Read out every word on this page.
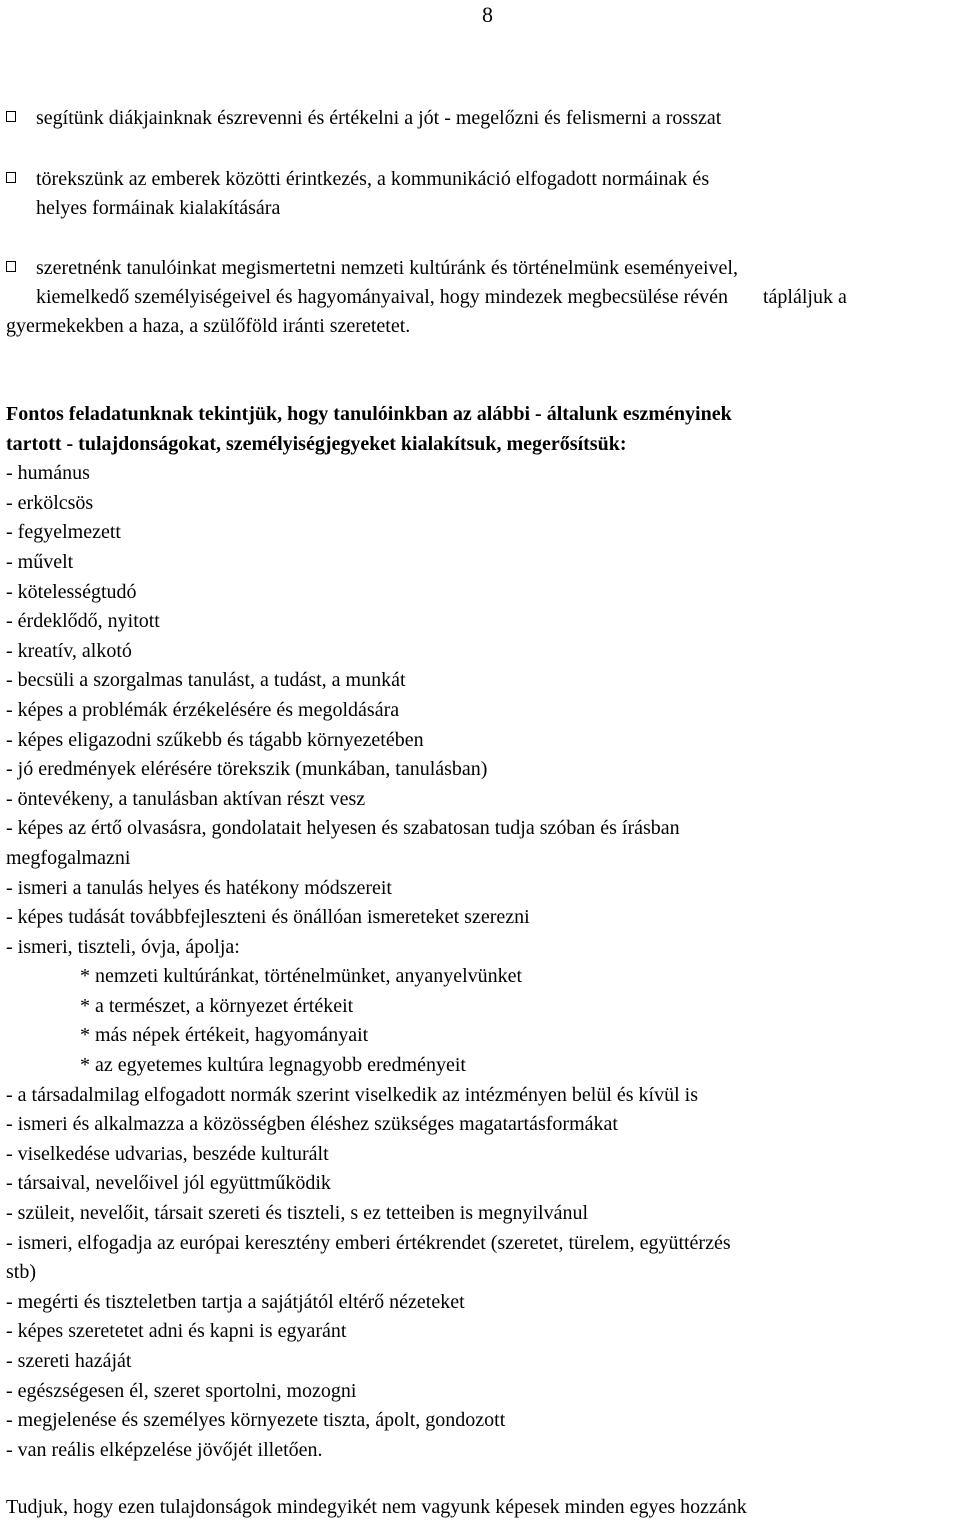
8
segítünk diákjainknak észrevenni és értékelni a jót - megelőzni és felismerni a rosszat
törekszünk az emberek közötti érintkezés, a kommunikáció elfogadott normáinak és
helyes formáinak kialakítására
szeretnénk tanulóinkat megismertetni nemzeti kultúránk és történelmünk eseményeivel,
kiemelkedő személyiségeivel és hagyományaival, hogy mindezek megbecsülése révén tápláljuk a gyermekekben a haza, a szülőföld iránti szeretetet.
Fontos feladatunknak tekintjük, hogy tanulóinkban az alábbi - általunk eszményinek
tartott - tulajdonságokat, személyiségjegyeket kialakítsuk, megerősítsük:
- humánus
- erkölcsös
- fegyelmezett
- művelt
- kötelességtudó
- érdeklődő, nyitott
- kreatív, alkotó
- becsüli a szorgalmas tanulást, a tudást, a munkát
- képes a problémák érzékelésére és megoldására
- képes eligazodni szűkebb és tágabb környezetében
- jó eredmények elérésére törekszik (munkában, tanulásban)
- öntevékeny, a tanulásban aktívan részt vesz
- képes az értő olvasásra, gondolatait helyesen és szabatosan tudja szóban és írásban
megfogalmazni
- ismeri a tanulás helyes és hatékony módszereit
- képes tudását továbbfejleszteni és önállóan ismereteket szerezni
- ismeri, tiszteli, óvja, ápolja:
* nemzeti kultúránkat, történelmünket, anyanyelvünket
* a természet, a környezet értékeit
* más népek értékeit, hagyományait
* az egyetemes kultúra legnagyobb eredményeit
- a társadalmilag elfogadott normák szerint viselkedik az intézményen belül és kívül is
- ismeri és alkalmazza a közösségben éléshez szükséges magatartásformákat
- viselkedése udvarias, beszéde kulturált
- társaival, nevelőivel jól együttműködik
- szüleit, nevelőit, társait szereti és tiszteli, s ez tetteiben is megnyilvánul
- ismeri, elfogadja az európai keresztény emberi értékrendet (szeretet, türelem, együttérzés
stb)
- megérti és tiszteletben tartja a sajátjától eltérő nézeteket
- képes szeretetet adni és kapni is egyaránt
- szereti hazáját
- egészségesen él, szeret sportolni, mozogni
- megjelenése és személyes környezete tiszta, ápolt, gondozott
- van reális elképzelése jövőjét illetően.
Tudjuk, hogy ezen tulajdonságok mindegyikét nem vagyunk képesek minden egyes hozzánk
